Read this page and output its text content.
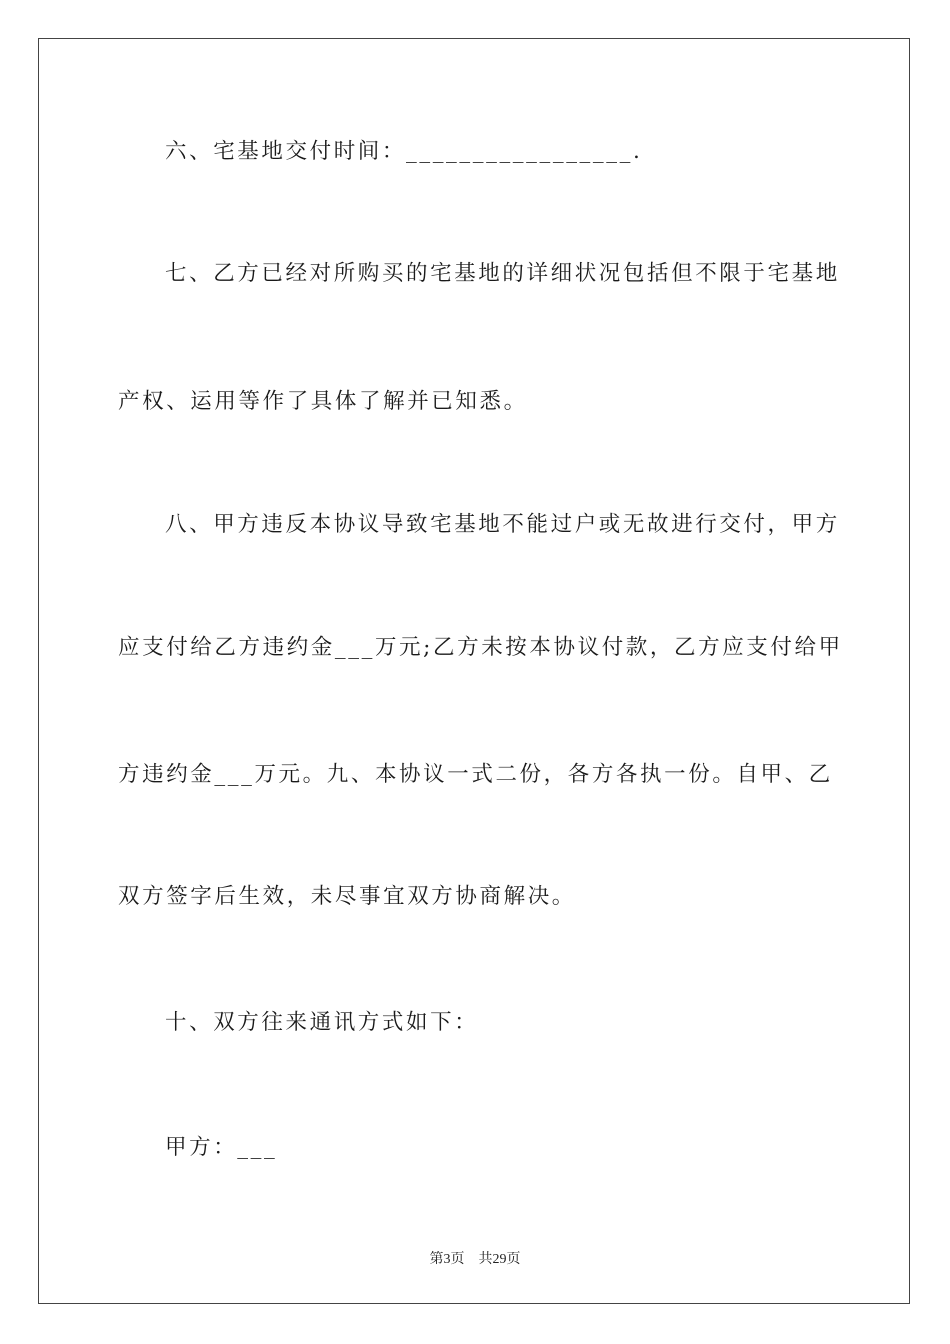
六、宅基地交付时间：_________________.
七、乙方已经对所购买的宅基地的详细状况包括但不限于宅基地
产权、运用等作了具体了解并已知悉。
八、甲方违反本协议导致宅基地不能过户或无故进行交付，甲方
应支付给乙方违约金___万元;乙方未按本协议付款，乙方应支付给甲
方违约金___万元。九、本协议一式二份，各方各执一份。自甲、乙
双方签字后生效，未尽事宜双方协商解决。
十、双方往来通讯方式如下：
甲方：___
第3页 共29页
